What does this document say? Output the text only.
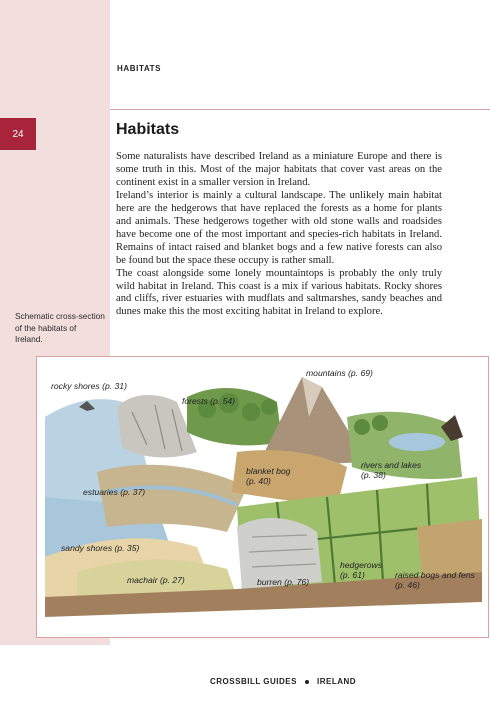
HABITATS
24	Habitats

Some naturalists have described Ireland as a miniature Europe and there is some truth in this. Most of the major habitats that cover vast areas on the continent exist in a smaller version in Ireland.

Ireland’s interior is mainly a cultural landscape. The unlikely main habitat here are the hedgerows that have replaced the forests as a home for plants and animals. These hedgerows together with old stone walls and roadsides have become one of the most important and species-rich habitats in Ireland. Remains of intact raised and blanket bogs and a few native forests can also be found but the space these occupy is rather small.

The coast alongside some lonely mountaintops is probably the only truly wild habitat in Ireland. This coast is a mix if various habitats. Rocky shores and cliffs, river estuaries with mudflats and saltmarshes, sandy beaches and dunes make this the most exciting habitat in Ireland to explore.

Schematic cross-section of the habitats of Ireland.
rocky shores (p. 31)
forests (p. 54)
mountains (p. 69)
blanket bog
(p. 40)
rivers and lakes
(p. 38)
estuaries (p. 37)
sandy shores (p. 35)
hedgerows
(p. 61)	raised bogs and fens
(p. 46)
machair (p. 27)	burren (p. 76)
CROSSBILL GUIDES	IRELAND
